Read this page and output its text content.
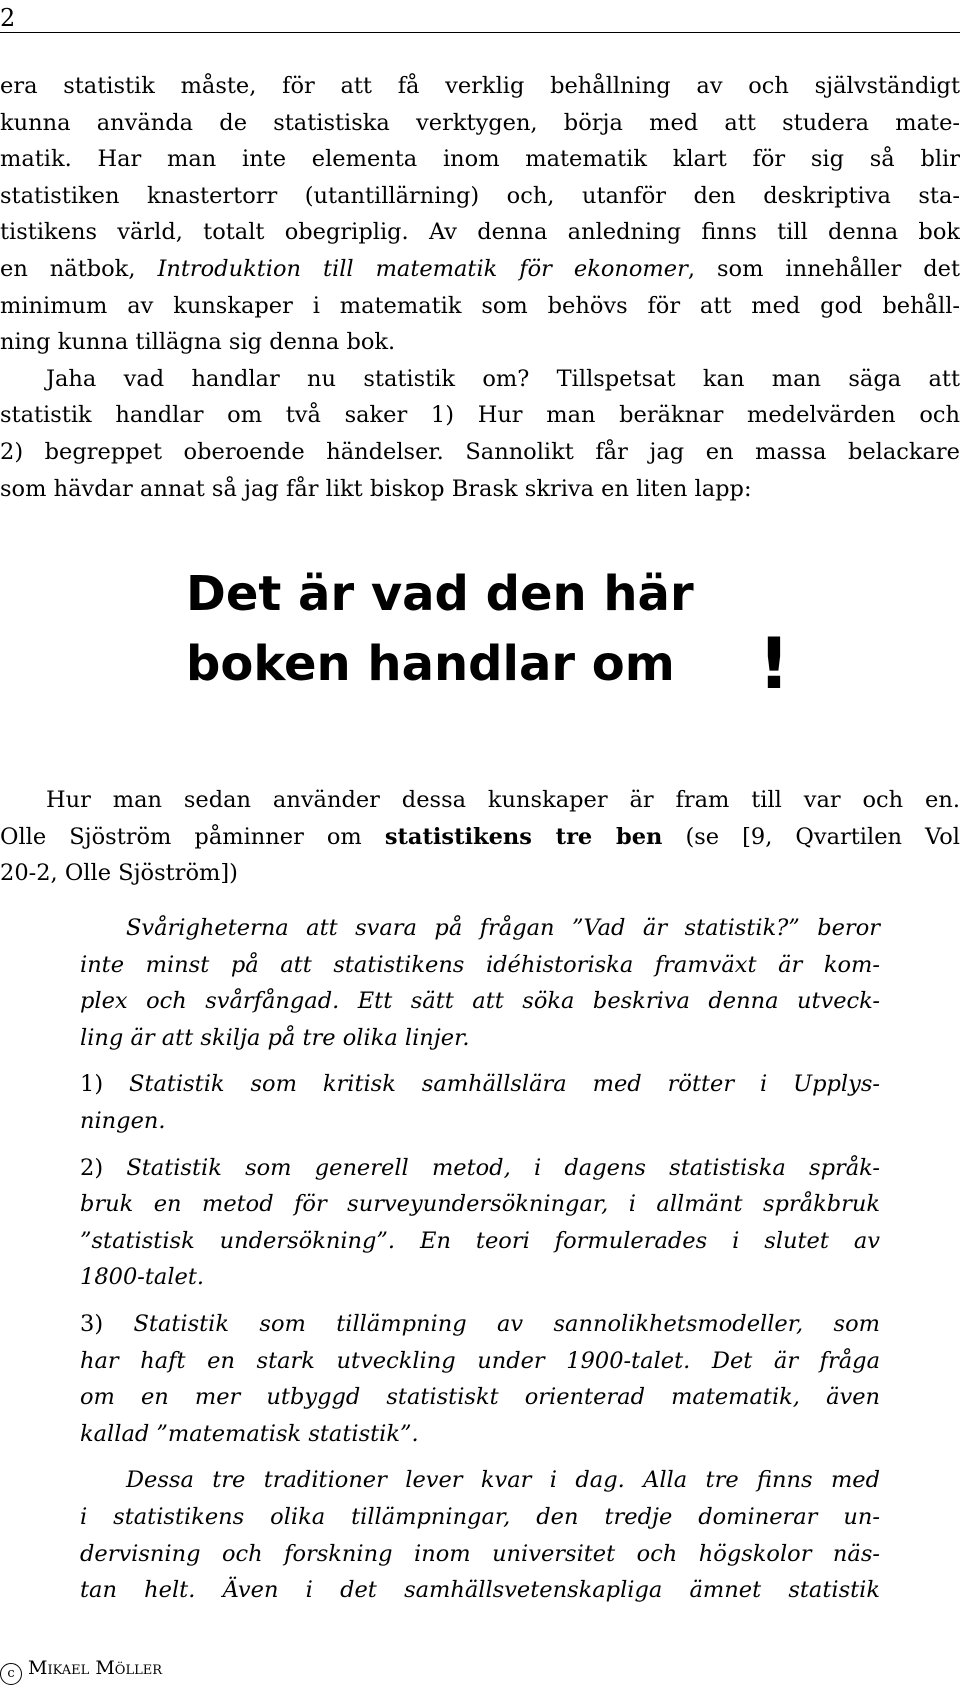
2

era statistik måste, för att få verklig behållning av och självständigt
kunna använda de statistiska verktygen, börja med att studera mate-
matik. Har man inte elementa inom matematik klart för sig så blir
statistiken knastertorr (utantillärning) och, utanför den deskriptiva sta-
tistikens värld, totalt obegriplig. Av denna anledning finns till denna bok
en nätbok, Introduktion till matematik för ekonomer, som innehåller det
minimum av kunskaper i matematik som behövs för att med god behåll-
ning kunna tillägna sig denna bok.

Jaha vad handlar nu statistik om? Tillspetsat kan man säga att
statistik handlar om två saker 1) Hur man beräknar medelvärden och
2) begreppet oberoende händelser. Sannolikt får jag en massa belackare
som hävdar annat så jag får likt biskop Brask skriva en liten lapp:

Det är vad den här
boken handlar om !
Hur man sedan använder dessa kunskaper är fram till var och en.
Olle Sjöström påminner om statistikens tre ben (se [9, Qvartilen Vol
20-2, Olle Sjöström])

Svårigheterna att svara på frågan ”Vad är statistik?” beror
inte minst på att statistikens idéhistoriska framväxt är kom-
plex och svårfångad. Ett sätt att söka beskriva denna utveck-
ling är att skilja på tre olika linjer.

1) Statistik som kritisk samhällslära med rötter i Upplys-
ningen.

2) Statistik som generell metod, i dagens statistiska språk-
bruk en metod för surveyundersökningar, i allmänt språkbruk
”statistisk undersökning”. En teori formulerades i slutet av
1800-talet.

3) Statistik som tillämpning av sannolikhetsmodeller, som
har haft en stark utveckling under 1900-talet. Det är fråga
om en mer utbyggd statistiskt orienterad matematik, även
kallad ”matematisk statistik”.

Dessa tre traditioner lever kvar i dag. Alla tre finns med
i statistikens olika tillämpningar, den tredje dominerar un-
dervisning och forskning inom universitet och högskolor näs-
tan helt. Även i det samhällsvetenskapliga ämnet statistik

c Mikael Möller
